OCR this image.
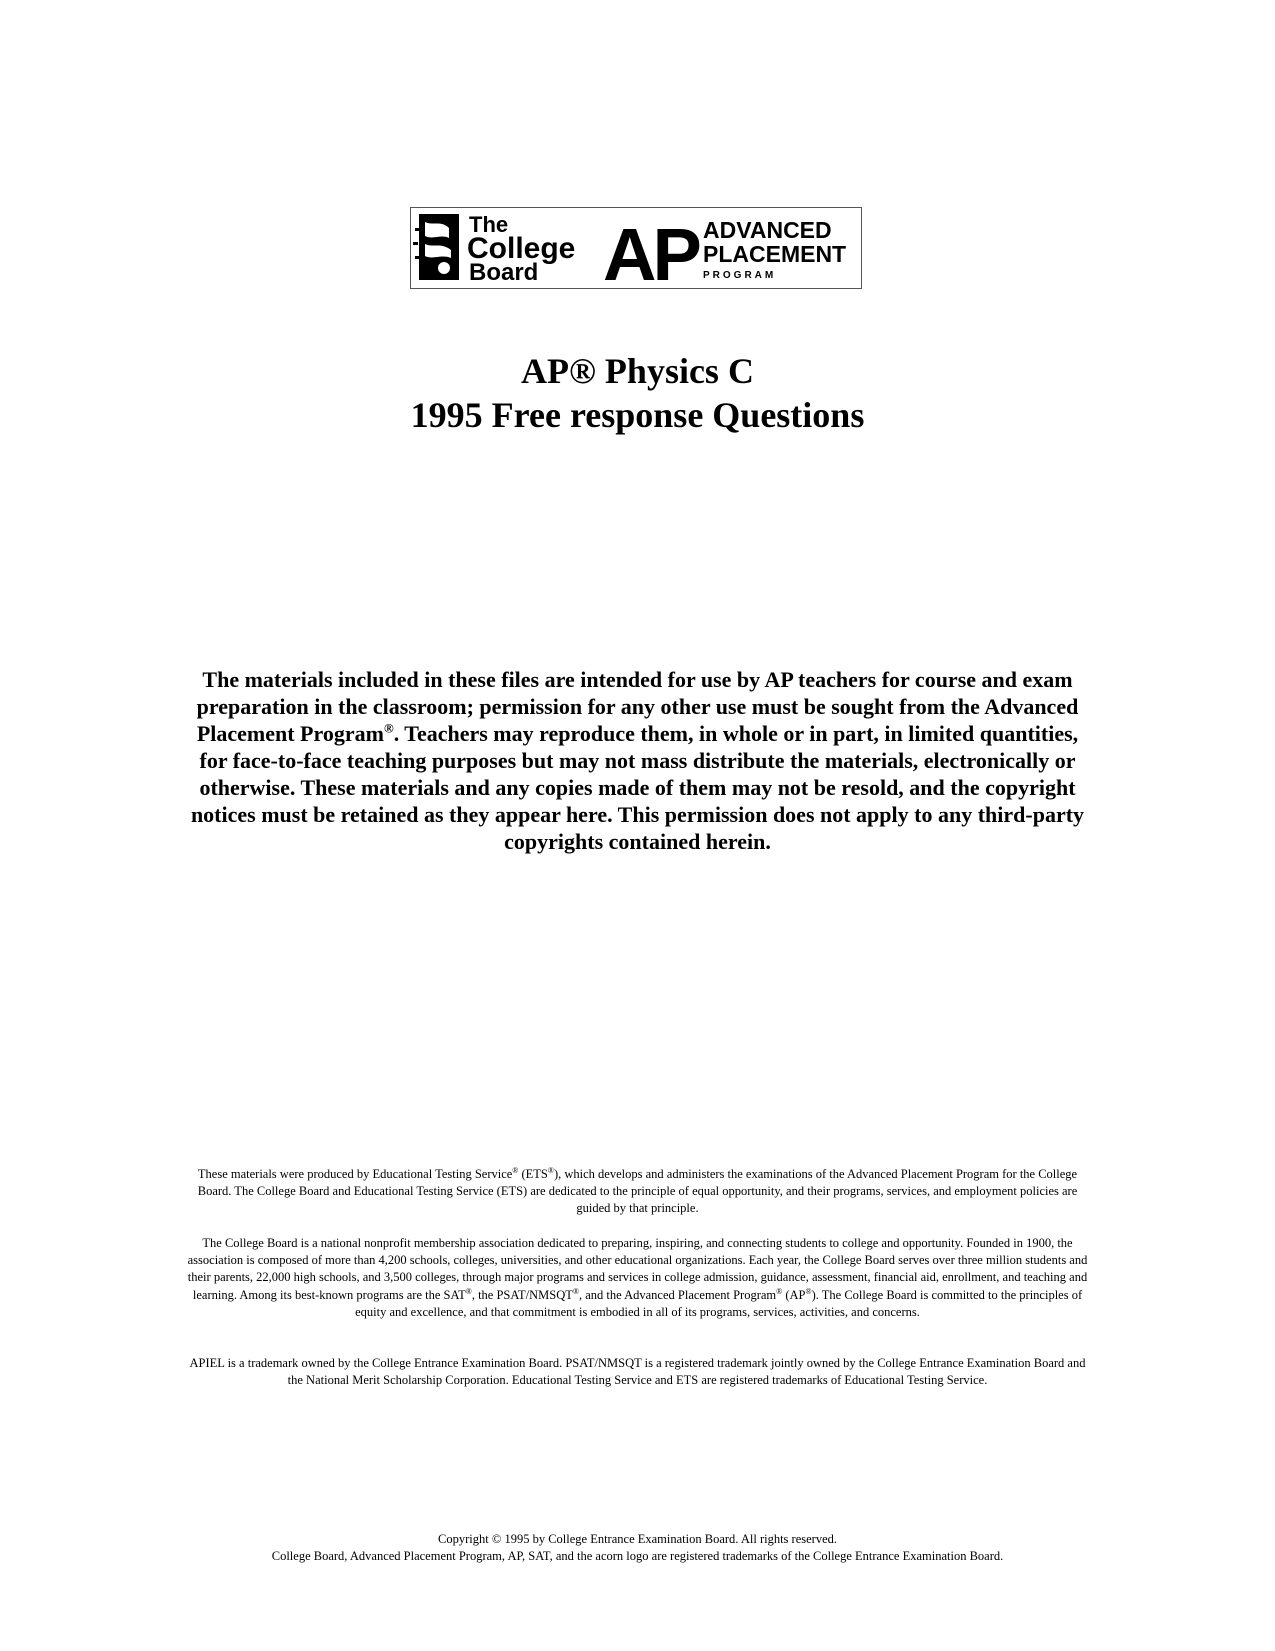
The
College
Board AP ADVANCED
PLACEMENT
PROGRAM
AP® Physics C
1995 Free response Questions

The materials included in these files are intended for use by AP teachers for course and exam preparation in the classroom; permission for any other use must be sought from the Advanced Placement Program®. Teachers may reproduce them, in whole or in part, in limited quantities, for face-to-face teaching purposes but may not mass distribute the materials, electronically or otherwise. These materials and any copies made of them may not be resold, and the copyright notices must be retained as they appear here. This permission does not apply to any third-party copyrights contained herein.

These materials were produced by Educational Testing Service® (ETS®), which develops and administers the examinations of the Advanced Placement Program for the College Board. The College Board and Educational Testing Service (ETS) are dedicated to the principle of equal opportunity, and their programs, services, and employment policies are guided by that principle.

The College Board is a national nonprofit membership association dedicated to preparing, inspiring, and connecting students to college and opportunity. Founded in 1900, the association is composed of more than 4,200 schools, colleges, universities, and other educational organizations. Each year, the College Board serves over three million students and their parents, 22,000 high schools, and 3,500 colleges, through major programs and services in college admission, guidance, assessment, financial aid, enrollment, and teaching and learning. Among its best-known programs are the SAT®, the PSAT/NMSQT®, and the Advanced Placement Program® (AP®). The College Board is committed to the principles of equity and excellence, and that commitment is embodied in all of its programs, services, activities, and concerns.

APIEL is a trademark owned by the College Entrance Examination Board. PSAT/NMSQT is a registered trademark jointly owned by the College Entrance Examination Board and the National Merit Scholarship Corporation. Educational Testing Service and ETS are registered trademarks of Educational Testing Service.

Copyright © 1995 by College Entrance Examination Board. All rights reserved.

College Board, Advanced Placement Program, AP, SAT, and the acorn logo are registered trademarks of the College Entrance Examination Board.
